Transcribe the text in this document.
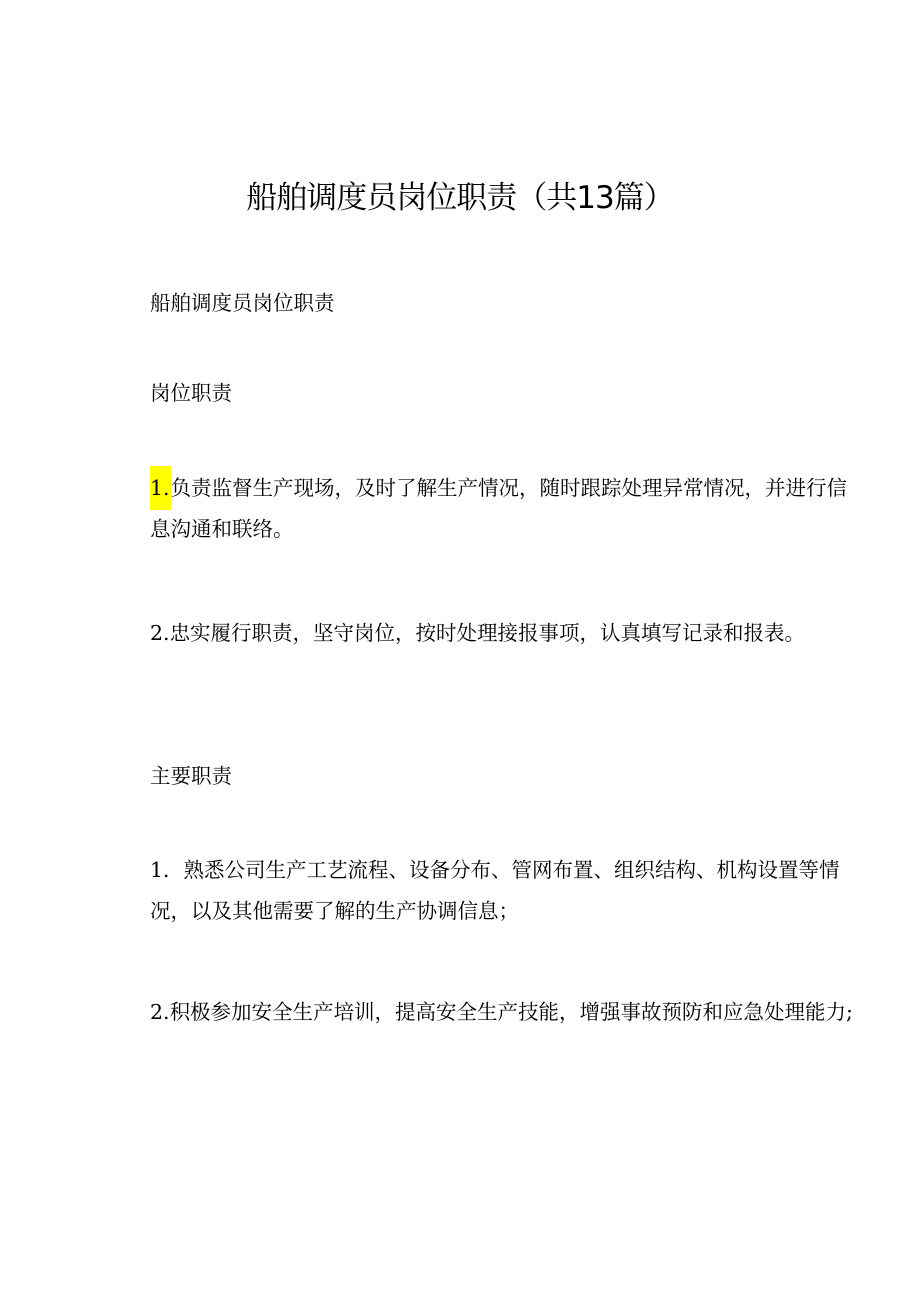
船舶调度员岗位职责（共13篇）

船舶调度员岗位职责

岗位职责

1.负责监督生产现场，及时了解生产情况，随时跟踪处理异常情况，并进行信息沟通和联络。

2.忠实履行职责，坚守岗位，按时处理接报事项，认真填写记录和报表。

主要职责

1．熟悉公司生产工艺流程、设备分布、管网布置、组织结构、机构设置等情况，以及其他需要了解的生产协调信息；

2.积极参加安全生产培训，提高安全生产技能，增强事故预防和应急处理能力;
